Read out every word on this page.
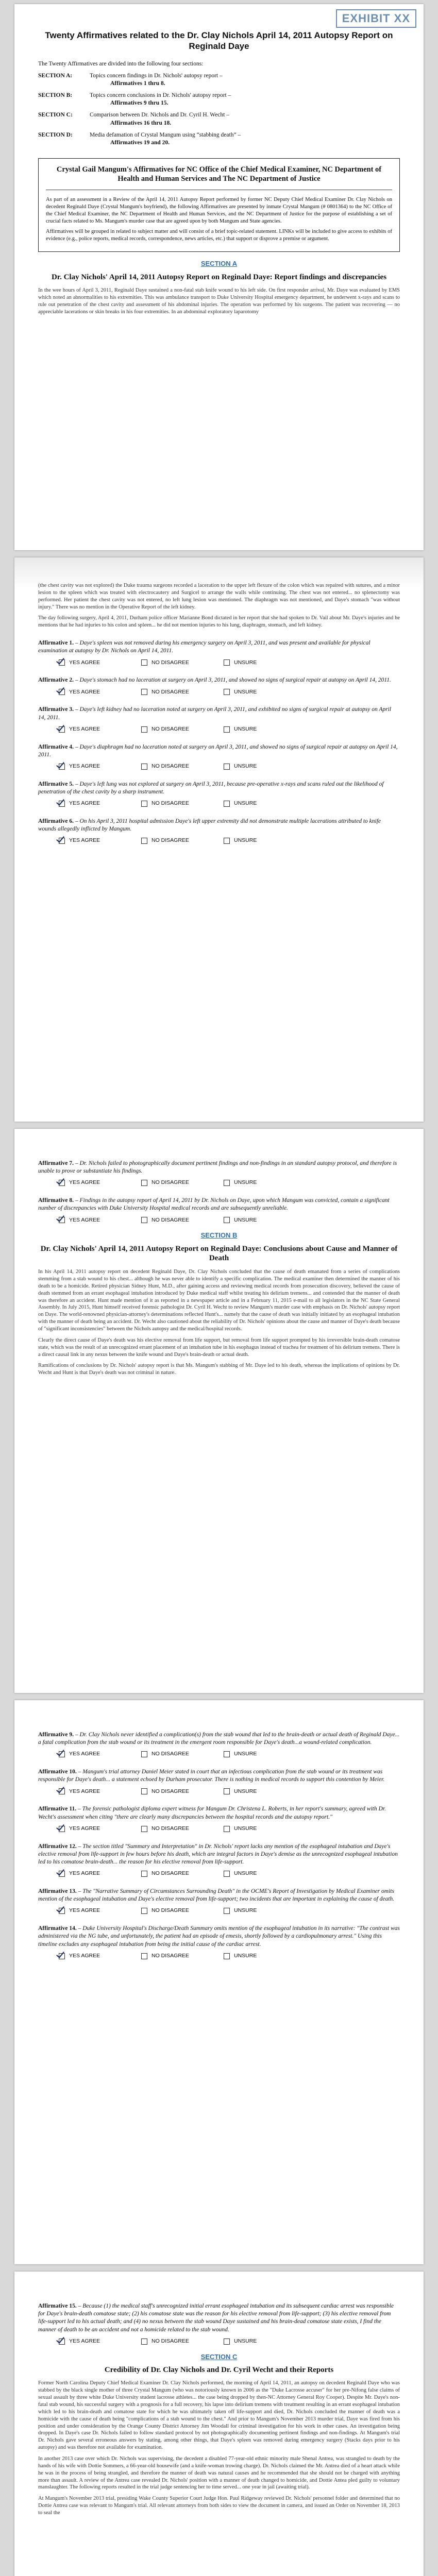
EXHIBIT XX
Twenty Affirmatives related to the Dr. Clay Nichols April 14, 2011 Autopsy Report on Reginald Daye
The Twenty Affirmatives are divided into the following four sections:
SECTION A:	Topics concern findings in Dr. Nichols' autopsy report –
Affirmatives 1 thru 8.
SECTION B:	Topics concern conclusions in Dr. Nichols' autopsy report –
Affirmatives 9 thru 15.
SECTION C:	Comparison between Dr. Nichols and Dr. Cyril H. Wecht –
Affirmatives 16 thru 18.
SECTION D:	Media defamation of Crystal Mangum using “stabbing death” –
Affirmatives 19 and 20.
Crystal Gail Mangum's Affirmatives for NC Office of the Chief Medical Examiner, NC Department of Health and Human Services and The NC Department of Justice

As part of an assessment in a Review of the April 14, 2011 Autopsy Report performed by former NC Deputy Chief Medical Examiner Dr. Clay Nichols on decedent Reginald Daye (Crystal Mangum's boyfriend), the following Affirmatives are presented by inmate Crystal Mangum (# 0801364) to the NC Office of the Chief Medical Examiner, the NC Department of Health and Human Services, and the NC Department of Justice for the purpose of establishing a set of crucial facts related to Ms. Mangum's murder case that are agreed upon by both Mangum and State agencies.

Affirmatives will be grouped in related to subject matter and will consist of a brief topic-related statement. LINKs will be included to give access to exhibits of evidence (e.g., police reports, medical records, correspondence, news articles, etc.) that support or disprove a premise or argument.

SECTION A
Dr. Clay Nichols' April 14, 2011 Autopsy Report on Reginald Daye: Report findings and discrepancies
In the wee hours of April 3, 2011, Reginald Daye sustained a non-fatal stab knife wound to his left side. On first responder arrival, Mr. Daye was evaluated by EMS which noted an abnormalities to his extremities. This was ambulance transport to Duke University Hospital emergency department, he underwent x-rays and scans to rule out penetration of the chest cavity and assessment of his abdominal injuries. The operation was performed by his surgeons. The patient was recovering — no appreciable lacerations or skin breaks in his four extremities. In an abdominal exploratory laparotomy
(the chest cavity was not explored) the Duke trauma surgeons recorded a laceration to the upper left flexure of the colon which was repaired with sutures, and a minor lesion to the spleen which was treated with electrocautery and Surgicel to arrange the walls while continuing. The chest was not entered... no splenectomy was performed. Her patient the chest cavity was not entered, no left lung lesion was mentioned. The diaphragm was not mentioned, and Daye's stomach "was without injury." There was no mention in the Operative Report of the left kidney.
The day following surgery, April 4, 2011, Durham police officer Marianne Bond dictated in her report that she had spoken to Dr. Vail about Mr. Daye's injuries and he mentions that he had injuries to his colon and spleen... he did not mention injuries to his lung, diaphragm, stomach, and left kidney.
Affirmative 1. – Daye's spleen was not removed during his emergency surgery on April 3, 2011, and was present and available for physical examination at autopsy by Dr. Nichols on April 14, 2011.
YES AGREE	NO DISAGREE	UNSURE
Affirmative 2. – Daye's stomach had no laceration at surgery on April 3, 2011, and showed no signs of surgical repair at autopsy on April 14, 2011.
YES AGREE	NO DISAGREE	UNSURE
Affirmative 3. – Daye's left kidney had no laceration noted at surgery on April 3, 2011, and exhibited no signs of surgical repair at autopsy on April 14, 2011.
YES AGREE	NO DISAGREE	UNSURE
Affirmative 4. – Daye's diaphragm had no laceration noted at surgery on April 3, 2011, and showed no signs of surgical repair at autopsy on April 14, 2011.
YES AGREE	NO DISAGREE	UNSURE
Affirmative 5. – Daye's left lung was not explored at surgery on April 3, 2011, because pre-operative x-rays and scans ruled out the likelihood of penetration of the chest cavity by a sharp instrument.
YES AGREE	NO DISAGREE	UNSURE
Affirmative 6. – On his April 3, 2011 hospital admission Daye's left upper extremity did not demonstrate multiple lacerations attributed to knife wounds allegedly inflicted by Mangum.
YES AGREE	NO DISAGREE	UNSURE
Affirmative 7. – Dr. Nichols failed to photographically document pertinent findings and non-findings in an standard autopsy protocol, and therefore is unable to prove or substantiate his findings.
YES AGREE	NO DISAGREE	UNSURE
Affirmative 8. – Findings in the autopsy report of April 14, 2011 by Dr. Nichols on Daye, upon which Mangum was convicted, contain a significant number of discrepancies with Duke University Hospital medical records and are subsequently unreliable.
YES AGREE	NO DISAGREE	UNSURE
SECTION B
Dr. Clay Nichols' April 14, 2011 Autopsy Report on Reginald Daye: Conclusions about Cause and Manner of Death
In his April 14, 2011 autopsy report on decedent Reginald Daye, Dr. Clay Nichols concluded that the cause of death emanated from a series of complications stemming from a stab wound to his chest... although he was never able to identify a specific complication. The medical examiner then determined the manner of his death to be a homicide. Retired physician Sidney Hunt, M.D., after gaining access and reviewing medical records from prosecution discovery, believed the cause of death stemmed from an errant esophageal intubation introduced by Duke medical staff whilst treating his delirium tremens... and contended that the manner of death was therefore an accident. Hunt made mention of it as reported in a newspaper article and in a February 11, 2015 e-mail to all legislators in the NC State General Assembly. In July 2015, Hunt himself received forensic pathologist Dr. Cyril H. Wecht to review Mangum's murder case with emphasis on Dr. Nichols' autopsy report on Daye. The world-renowned physician-attorney's determinations reflected Hunt's... namely that the cause of death was initially initiated by an esophageal intubation with the manner of death being an accident. Dr. Wecht also cautioned about the reliability of Dr. Nichols' opinions about the cause and manner of Daye's death because of "significant inconsistencies" between the Nichols autopsy and the medical/hospital records.
Clearly the direct cause of Daye's death was his elective removal from life support, but removal from life support prompted by his irreversible brain-death comatose state, which was the result of an unrecognized errant placement of an intubation tube in his esophagus instead of trachea for treatment of his delirium tremens. There is a direct causal link in any nexus between the knife wound and Daye's brain-death or actual death.
Ramifications of conclusions by Dr. Nichols' autopsy report is that Ms. Mangum's stabbing of Mr. Daye led to his death, whereas the implications of opinions by Dr. Wecht and Hunt is that Daye's death was not criminal in nature.
Affirmative 9. – Dr. Clay Nichols never identified a complication(s) from the stab wound that led to the brain-death or actual death of Reginald Daye... a fatal complication from the stab wound or its treatment in the emergent room responsible for Daye's death...a wound-related complication.
YES AGREE	NO DISAGREE	UNSURE
Affirmative 10. – Mangum's trial attorney Daniel Meier stated in court that an infectious complication from the stab wound or its treatment was responsible for Daye's death... a statement echoed by Durham prosecutor. There is nothing in medical records to support this contention by Meier.
YES AGREE	NO DISAGREE	UNSURE
Affirmative 11. – The forensic pathologist diploma expert witness for Mangum Dr. Christena L. Roberts, in her report's summary, agreed with Dr. Wecht's assessment when citing "there are clearly many discrepancies between the hospital records and the autopsy report."
YES AGREE	NO DISAGREE	UNSURE
Affirmative 12. – The section titled "Summary and Interpretation" in Dr. Nichols' report lacks any mention of the esophageal intubation and Daye's elective removal from life-support in few hours before his death, which are integral factors in Daye's demise as the unrecognized esophageal intubation led to his comatose brain-death... the reason for his elective removal from life-support.
YES AGREE	NO DISAGREE	UNSURE
Affirmative 13. – The "Narrative Summary of Circumstances Surrounding Death" in the OCME's Report of Investigation by Medical Examiner omits mention of the esophageal intubation and Daye's elective removal from life-support; two incidents that are important in explaining the cause of death.
YES AGREE	NO DISAGREE	UNSURE
Affirmative 14. – Duke University Hospital's Discharge/Death Summary omits mention of the esophageal intubation in its narrative: "The contrast was administered via the NG tube, and unfortunately, the patient had an episode of emesis, shortly followed by a cardiopulmonary arrest." Using this timeline excludes any esophageal intubation from being the initial cause of the cardiac arrest.
YES AGREE	NO DISAGREE	UNSURE
Affirmative 15. – Because (1) the medical staff's unrecognized initial errant esophageal intubation and its subsequent cardiac arrest was responsible for Daye's brain-death comatose state; (2) his comatose state was the reason for his elective removal from life-support; (3) his elective removal from life-support led to his actual death; and (4) no nexus between the stab wound Daye sustained and his brain-dead comatose state exists, I find the manner of death to be an accident and not a homicide related to the stab wound.
YES AGREE	NO DISAGREE	UNSURE
SECTION C
Credibility of Dr. Clay Nichols and Dr. Cyril Wecht and their Reports
Former North Carolina Deputy Chief Medical Examiner Dr. Clay Nichols performed, the morning of April 14, 2011, an autopsy on decedent Reginald Daye who was stabbed by the black single mother of three Crystal Mangum (who was notoriously known in 2006 as the "Duke Lacrosse accuser" for her pre-Nifong false claims of sexual assault by three white Duke University student lacrosse athletes... the case being dropped by then-NC Attorney General Roy Cooper). Despite Mr. Daye's non-fatal stab wound, his successful surgery with a prognosis for a full recovery, his lapse into delirium tremens with treatment resulting in an errant esophageal intubation which led to his brain-death and comatose state for which he was ultimately taken off life-support and died, Dr. Nichols concluded the manner of death was a homicide with the cause of death being "complications of a stab wound to the chest." And prior to Mangum's November 2013 murder trial, Daye was fired from his position and under consideration by the Orange County District Attorney Jim Woodall for criminal investigation for his work in other cases. An investigation being dropped. In Daye's case Dr. Nichols failed to follow standard protocol by not photographically documenting pertinent findings and non-findings. At Mangum's trial Dr. Nichols gave several erroneous answers by stating, among other things, that Daye's spleen was removed during emergency surgery (Stacks days prior to his autopsy) and was therefore not available for examination.
In another 2013 case over which Dr. Nichols was supervising, the decedent a disabled 77-year-old ethnic minority male Shenal Antrea, was strangled to death by the hands of his wife with Dottie Sommers, a 66-year-old housewife (and a knife-woman trowing charge). Dr. Nichols claimed the Mr. Antrea died of a heart attack while he was in the process of being strangled, and therefore the manner of death was natural causes and he recommended that she should not be charged with anything more than assault. A review of the Antrea case revealed Dr. Nichols' position with a manner of death changed to homicide, and Dottie Antea pled guilty to voluntary manslaughter. The following reports resulted in the trial judge sentencing her to time served... one year in jail (awaiting trial).
At Mangum's November 2013 trial, presiding Wake County Superior Court Judge Hon. Paul Ridgeway reviewed Dr. Nichols' personnel folder and determined that no Dottie Antrea case was relevant to Mangum's trial. All relevant attorneys from both sides to view the document in camera, and issued an Order on November 18, 2013 to seal the
